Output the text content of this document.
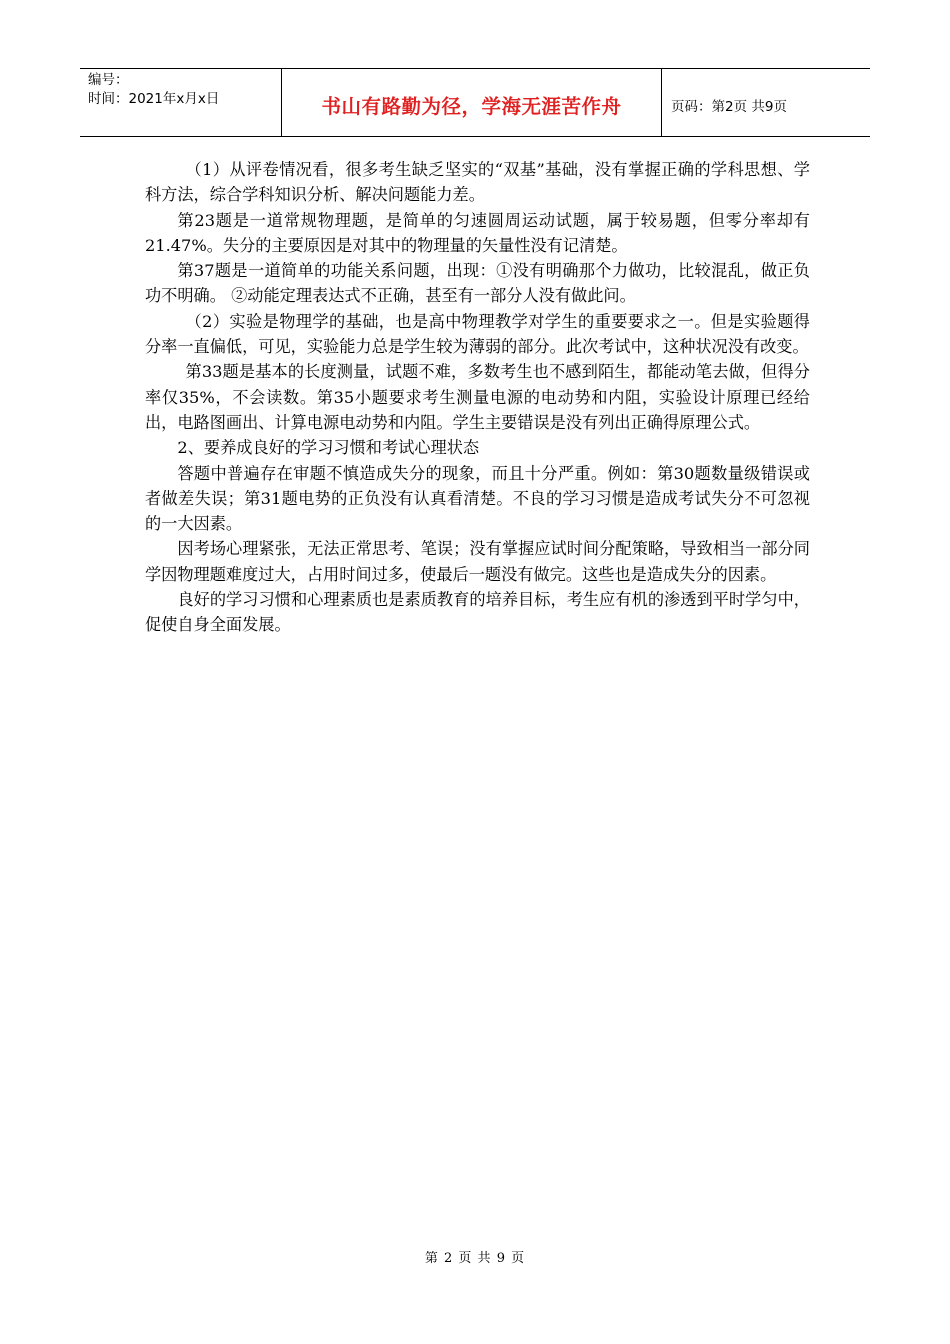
编号：
时间：2021年x月x日	书山有路勤为径，学海无涯苦作舟	页码：第2页 共9页

（1）从评卷情况看，很多考生缺乏坚实的“双基”基础，没有掌握正确的学科思想、学科方法，综合学科知识分析、解决问题能力差。

第23题是一道常规物理题，是简单的匀速圆周运动试题，属于较易题，但零分率却有21.47%。失分的主要原因是对其中的物理量的矢量性没有记清楚。

第37题是一道简单的功能关系问题，出现：①没有明确那个力做功，比较混乱，做正负功不明确。 ②动能定理表达式不正确，甚至有一部分人没有做此问。

（2）实验是物理学的基础，也是高中物理教学对学生的重要要求之一。但是实验题得分率一直偏低，可见，实验能力总是学生较为薄弱的部分。此次考试中，这种状况没有改变。

第33题是基本的长度测量，试题不难，多数考生也不感到陌生，都能动笔去做，但得分率仅35%，不会读数。第35小题要求考生测量电源的电动势和内阻，实验设计原理已经给出，电路图画出、计算电源电动势和内阻。学生主要错误是没有列出正确得原理公式。

2、要养成良好的学习习惯和考试心理状态

答题中普遍存在审题不慎造成失分的现象，而且十分严重。例如：第30题数量级错误或者做差失误；第31题电势的正负没有认真看清楚。不良的学习习惯是造成考试失分不可忽视的一大因素。

因考场心理紧张，无法正常思考、笔误；没有掌握应试时间分配策略，导致相当一部分同学因物理题难度过大，占用时间过多，使最后一题没有做完。这些也是造成失分的因素。

良好的学习习惯和心理素质也是素质教育的培养目标，考生应有机的渗透到平时学匀中，促使自身全面发展。

第 2 页 共 9 页
